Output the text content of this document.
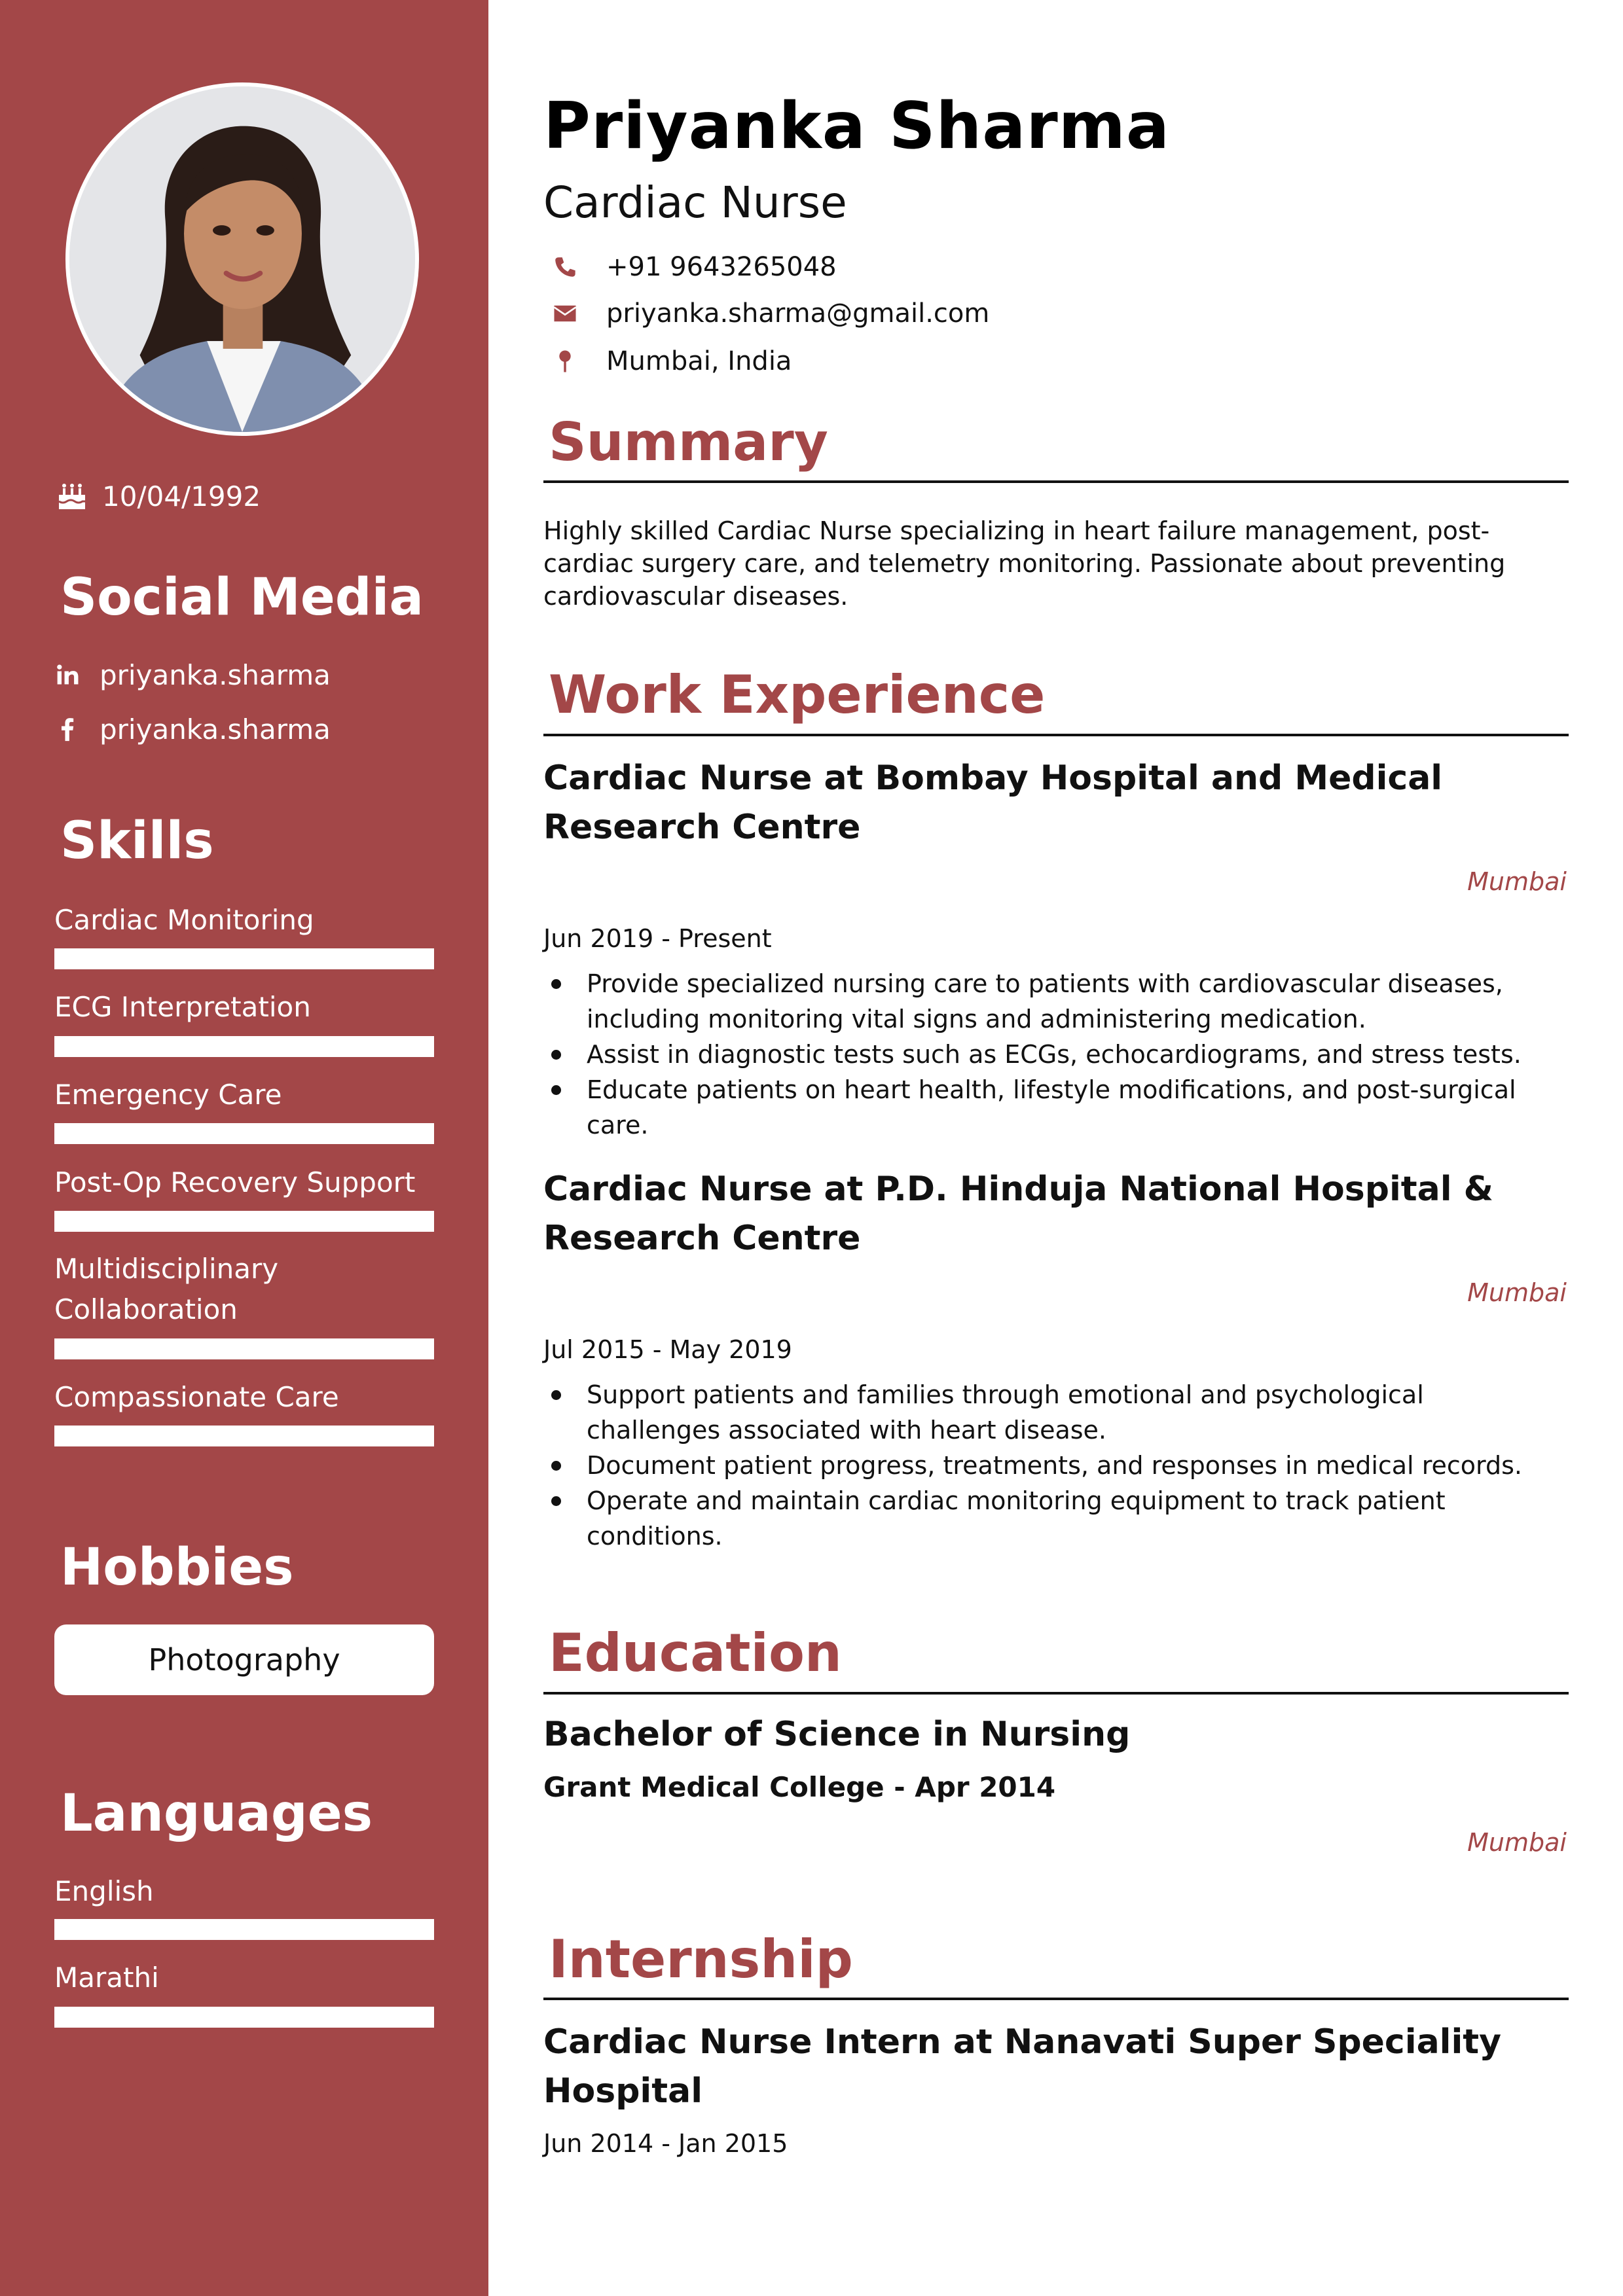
10/04/1992
Social Media
priyanka.sharma
priyanka.sharma
Skills
Cardiac Monitoring
ECG Interpretation
Emergency Care
Post-Op Recovery Support
Multidisciplinary Collaboration
Compassionate Care
Hobbies
Photography
Languages
English
Marathi
Priyanka Sharma
Cardiac Nurse
+91 9643265048
priyanka.sharma@gmail.com
Mumbai, India
Summary

Highly skilled Cardiac Nurse specializing in heart failure management, post-cardiac surgery care, and telemetry monitoring. Passionate about preventing cardiovascular diseases.

Work Experience
Cardiac Nurse at Bombay Hospital and Medical Research Centre
Mumbai
Jun 2019 - Present
Provide specialized nursing care to patients with cardiovascular diseases, including monitoring vital signs and administering medication.
Assist in diagnostic tests such as ECGs, echocardiograms, and stress tests.
Educate patients on heart health, lifestyle modifications, and post-surgical care.
Cardiac Nurse at P.D. Hinduja National Hospital & Research Centre
Mumbai
Jul 2015 - May 2019
Support patients and families through emotional and psychological challenges associated with heart disease.
Document patient progress, treatments, and responses in medical records.
Operate and maintain cardiac monitoring equipment to track patient conditions.
Education
Bachelor of Science in Nursing
Grant Medical College - Apr 2014
Mumbai
Internship
Cardiac Nurse Intern at Nanavati Super Speciality Hospital
Jun 2014 - Jan 2015
